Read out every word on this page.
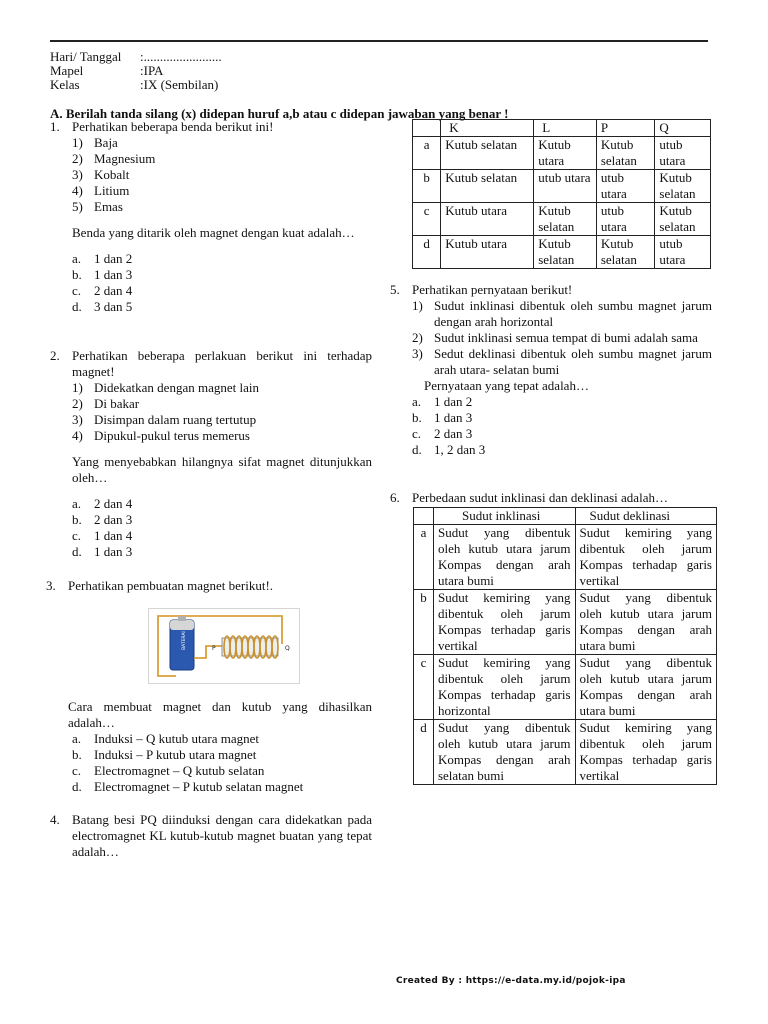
Hari/ Tanggal :........................
Mapel	:IPA
Kelas	:IX (Sembilan)
A. Berilah tanda silang (x) didepan huruf a,b atau c didepan jawaban yang benar !
1. Perhatikan beberapa benda berikut ini!
1) Baja
2) Magnesium
3) Kobalt
4) Litium
5) Emas

Benda yang ditarik oleh magnet dengan kuat adalah…

a. 1 dan 2
b. 1 dan 3
c. 2 dan 4
d. 3 dan 5
2. Perhatikan beberapa perlakuan berikut ini terhadap magnet!
1) Didekatkan dengan magnet lain
2) Di bakar
3) Disimpan dalam ruang tertutup
4) Dipukul-pukul terus memerus

Yang menyebabkan hilangnya sifat magnet ditunjukkan oleh…

a. 2 dan 4
b. 2 dan 3
c. 1 dan 4
d. 1 dan 3
3. Perhatikan pembuatan magnet berikut!.
BATERAI	P	Q

Cara membuat magnet dan kutub yang dihasilkan adalah…

a. Induksi – Q kutub utara magnet
b. Induksi – P kutub utara magnet
c. Electromagnet – Q kutub selatan
d. Electromagnet – P kutub selatan magnet
4. Batang besi PQ diinduksi dengan cara didekatkan pada electromagnet KL kutub-kutub magnet buatan yang tepat adalah…
	K	L	P	Q
a	Kutub selatan	Kutub utara	Kutub selatan	utub utara
b	Kutub selatan	utub utara	utub utara	Kutub selatan
c	Kutub utara	Kutub selatan	utub utara	Kutub selatan
d	Kutub utara	Kutub selatan	Kutub selatan	utub utara
5. Perhatikan pernyataan berikut!
1) Sudut inklinasi dibentuk oleh sumbu magnet jarum dengan arah horizontal
2) Sudut inklinasi semua tempat di bumi adalah sama
3) Sedut deklinasi dibentuk oleh sumbu magnet jarum arah utara- selatan bumi

Pernyataan yang tepat adalah…

a. 1 dan 2
b. 1 dan 3
c. 2 dan 3
d. 1, 2 dan 3
6. Perbedaan sudut inklinasi dan deklinasi adalah…
	Sudut inklinasi	Sudut deklinasi
a	Sudut yang dibentuk oleh kutub utara jarum Kompas dengan arah utara bumi	Sudut kemiring yang dibentuk oleh jarum Kompas terhadap garis vertikal
b	Sudut kemiring yang dibentuk oleh jarum Kompas terhadap garis vertikal	Sudut yang dibentuk oleh kutub utara jarum Kompas dengan arah utara bumi
c	Sudut kemiring yang dibentuk oleh jarum Kompas terhadap garis horizontal	Sudut yang dibentuk oleh kutub utara jarum Kompas dengan arah utara bumi
d	Sudut yang dibentuk oleh kutub utara jarum Kompas dengan arah selatan bumi	Sudut kemiring yang dibentuk oleh jarum Kompas terhadap garis vertikal
Created By : https://e-data.my.id/pojok-ipa
